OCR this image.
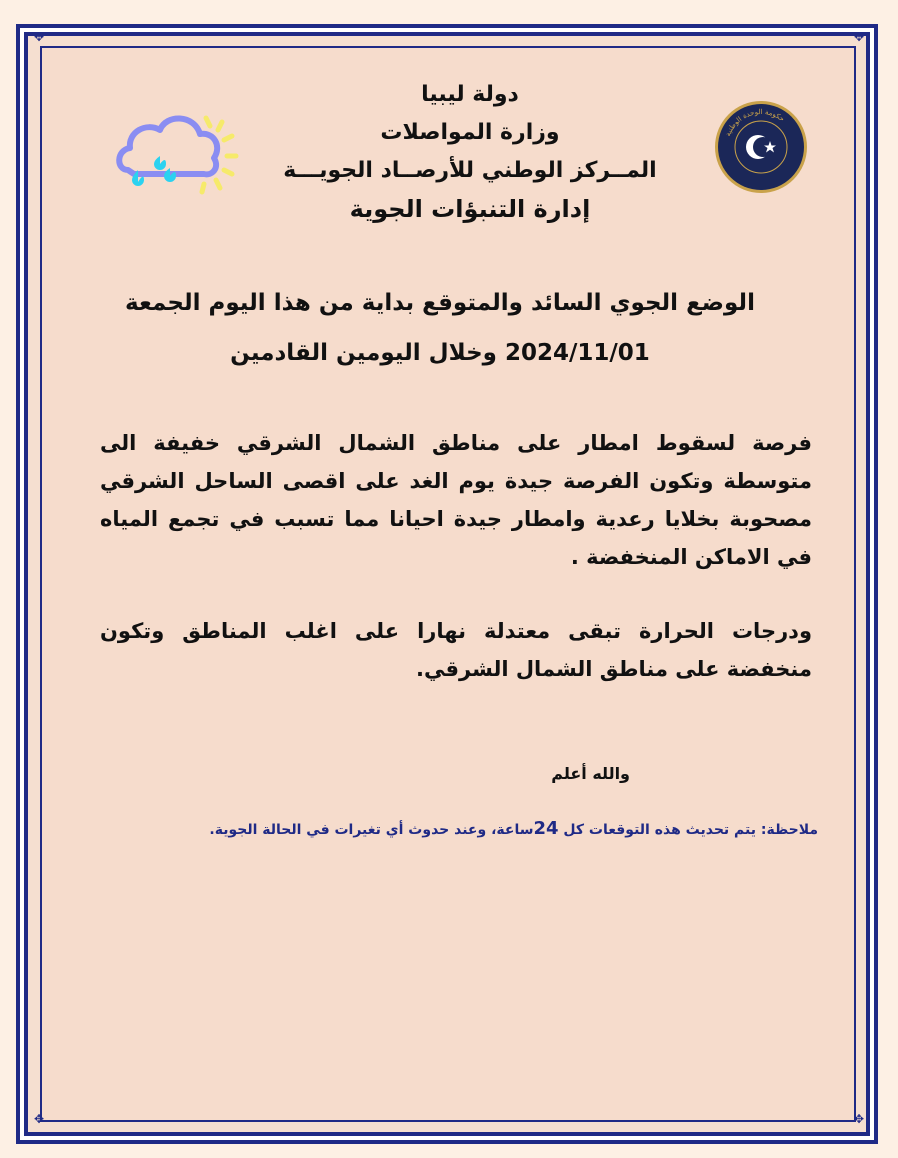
✥	✥
✥	✥
دولة ليبيا
وزارة المواصلات
المــركز الوطني للأرصــاد الجويـــة
إدارة التنبؤات الجوية
حكومة الوحدة الوطنية
الوضع الجوي السائد والمتوقع بداية من هذا اليوم الجمعة
2024/11/01 وخلال اليومين القادمين
فرصة لسقوط امطار على مناطق الشمال الشرقي خفيفة الى متوسطة وتكون الفرصة جيدة يوم الغد على اقصى الساحل الشرقي مصحوبة بخلايا رعدية وامطار جيدة احيانا مما تسبب في تجمع المياه في الاماكن المنخفضة .
ودرجات الحرارة تبقى معتدلة نهارا على اغلب المناطق وتكون منخفضة على مناطق الشمال الشرقي.
والله أعلم
ملاحظة: يتم تحديث هذه التوقعات كل 24ساعة، وعند حدوث أي تغيرات في الحالة الجوية.
